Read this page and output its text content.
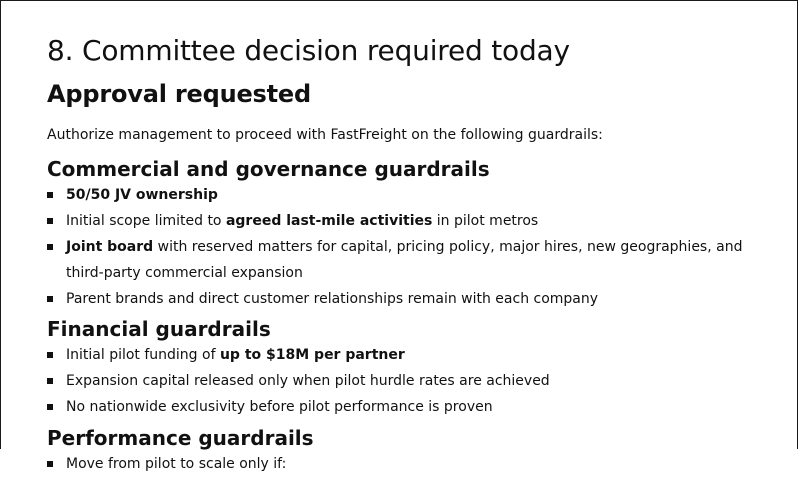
8. Committee decision required today
Approval requested

Authorize management to proceed with FastFreight on the following guardrails:

Commercial and governance guardrails
50/50 JV ownership
Initial scope limited to agreed last-mile activities in pilot metros
Joint board with reserved matters for capital, pricing policy, major hires, new geographies, and third-party commercial expansion
Parent brands and direct customer relationships remain with each company
Financial guardrails
Initial pilot funding of up to $18M per partner
Expansion capital released only when pilot hurdle rates are achieved
No nationwide exclusivity before pilot performance is proven
Performance guardrails
Move from pilot to scale only if:
